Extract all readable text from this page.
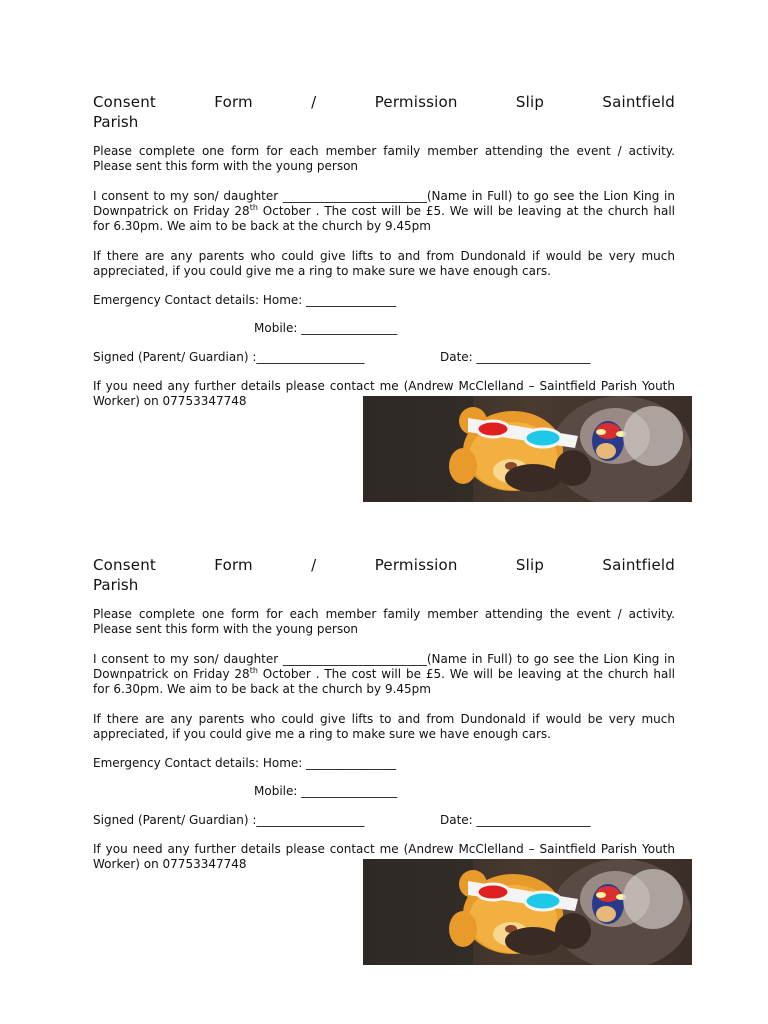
Consent Form / Permission Slip	Saintfield
Parish

Please complete one form for each member family member attending the event / activity. Please sent this form with the young person

I consent to my son/ daughter ________________________(Name in Full) to go see the Lion King in Downpatrick on Friday 28th October . The cost will be £5. We will be leaving at the church hall for 6.30pm. We aim to be back at the church by 9.45pm

If there are any parents who could give lifts to and from Dundonald if would be very much appreciated, if you could give me a ring to make sure we have enough cars.

Emergency Contact details: Home: _______________

Mobile: ________________

Signed (Parent/ Guardian) :__________________	Date: ___________________

If you need any further details please contact me (Andrew McClelland – Saintfield Parish Youth

Worker) on 07753347748

Consent Form / Permission Slip	Saintfield
Parish

Please complete one form for each member family member attending the event / activity. Please sent this form with the young person

I consent to my son/ daughter ________________________(Name in Full) to go see the Lion King in Downpatrick on Friday 28th October . The cost will be £5. We will be leaving at the church hall for 6.30pm. We aim to be back at the church by 9.45pm

If there are any parents who could give lifts to and from Dundonald if would be very much appreciated, if you could give me a ring to make sure we have enough cars.

Emergency Contact details: Home: _______________

Mobile: ________________

Signed (Parent/ Guardian) :__________________	Date: ___________________

If you need any further details please contact me (Andrew McClelland – Saintfield Parish Youth

Worker) on 07753347748
